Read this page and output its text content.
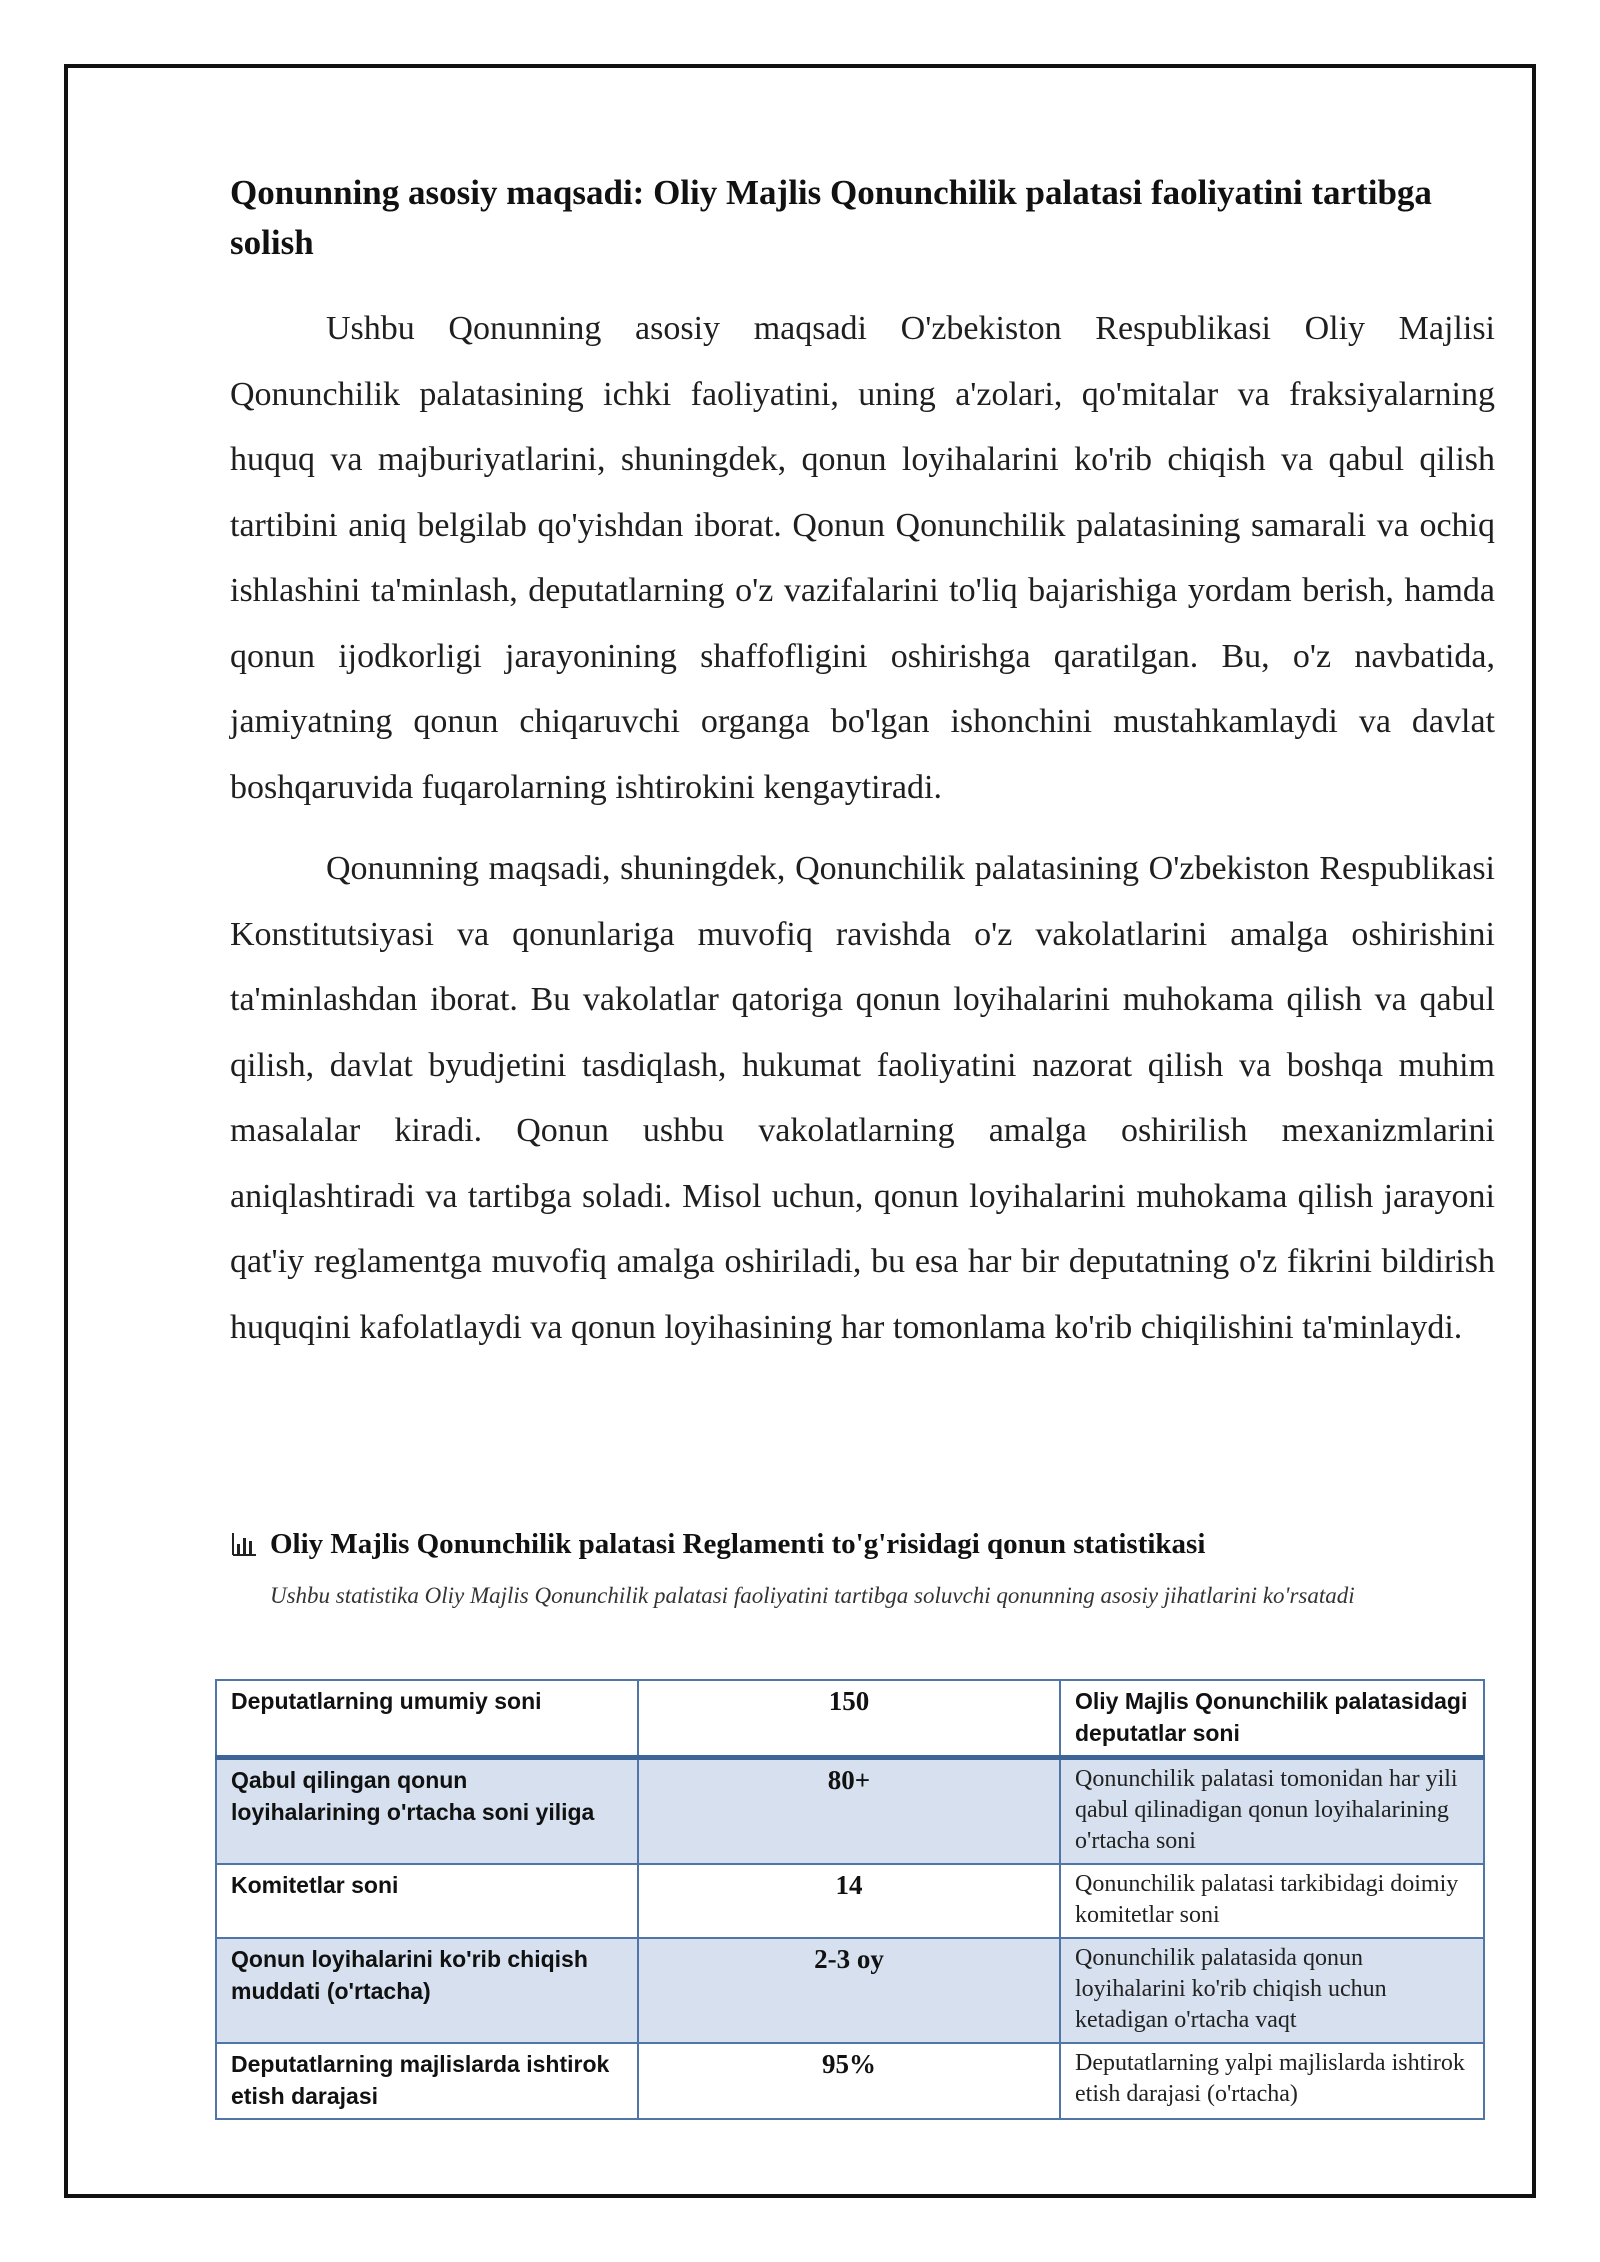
Qonunning asosiy maqsadi: Oliy Majlis Qonunchilik palatasi faoliyatini tartibga solish

Ushbu Qonunning asosiy maqsadi O'zbekiston Respublikasi Oliy Majlisi Qonunchilik palatasining ichki faoliyatini, uning a'zolari, qo'mitalar va fraksiyalarning huquq va majburiyatlarini, shuningdek, qonun loyihalarini ko'rib chiqish va qabul qilish tartibini aniq belgilab qo'yishdan iborat. Qonun Qonunchilik palatasining samarali va ochiq ishlashini ta'minlash, deputatlarning o'z vazifalarini to'liq bajarishiga yordam berish, hamda qonun ijodkorligi jarayonining shaffofligini oshirishga qaratilgan. Bu, o'z navbatida, jamiyatning qonun chiqaruvchi organga bo'lgan ishonchini mustahkamlaydi va davlat boshqaruvida fuqarolarning ishtirokini kengaytiradi.

Qonunning maqsadi, shuningdek, Qonunchilik palatasining O'zbekiston Respublikasi Konstitutsiyasi va qonunlariga muvofiq ravishda o'z vakolatlarini amalga oshirishini ta'minlashdan iborat. Bu vakolatlar qatoriga qonun loyihalarini muhokama qilish va qabul qilish, davlat byudjetini tasdiqlash, hukumat faoliyatini nazorat qilish va boshqa muhim masalalar kiradi. Qonun ushbu vakolatlarning amalga oshirilish mexanizmlarini aniqlashtiradi va tartibga soladi. Misol uchun, qonun loyihalarini muhokama qilish jarayoni qat'iy reglamentga muvofiq amalga oshiriladi, bu esa har bir deputatning o'z fikrini bildirish huquqini kafolatlaydi va qonun loyihasining har tomonlama ko'rib chiqilishini ta'minlaydi.

Oliy Majlis Qonunchilik palatasi Reglamenti to'g'risidagi qonun statistikasi
Ushbu statistika Oliy Majlis Qonunchilik palatasi faoliyatini tartibga soluvchi qonunning asosiy jihatlarini ko'rsatadi
Deputatlarning umumiy soni	150	Oliy Majlis Qonunchilik palatasidagi deputatlar soni
Qabul qilingan qonun loyihalarining o'rtacha soni yiliga	80+	Qonunchilik palatasi tomonidan har yili qabul qilinadigan qonun loyihalarining o'rtacha soni
Komitetlar soni	14	Qonunchilik palatasi tarkibidagi doimiy komitetlar soni
Qonun loyihalarini ko'rib chiqish muddati (o'rtacha)	2-3 oy	Qonunchilik palatasida qonun loyihalarini ko'rib chiqish uchun ketadigan o'rtacha vaqt
Deputatlarning majlislarda ishtirok etish darajasi	95%	Deputatlarning yalpi majlislarda ishtirok etish darajasi (o'rtacha)
